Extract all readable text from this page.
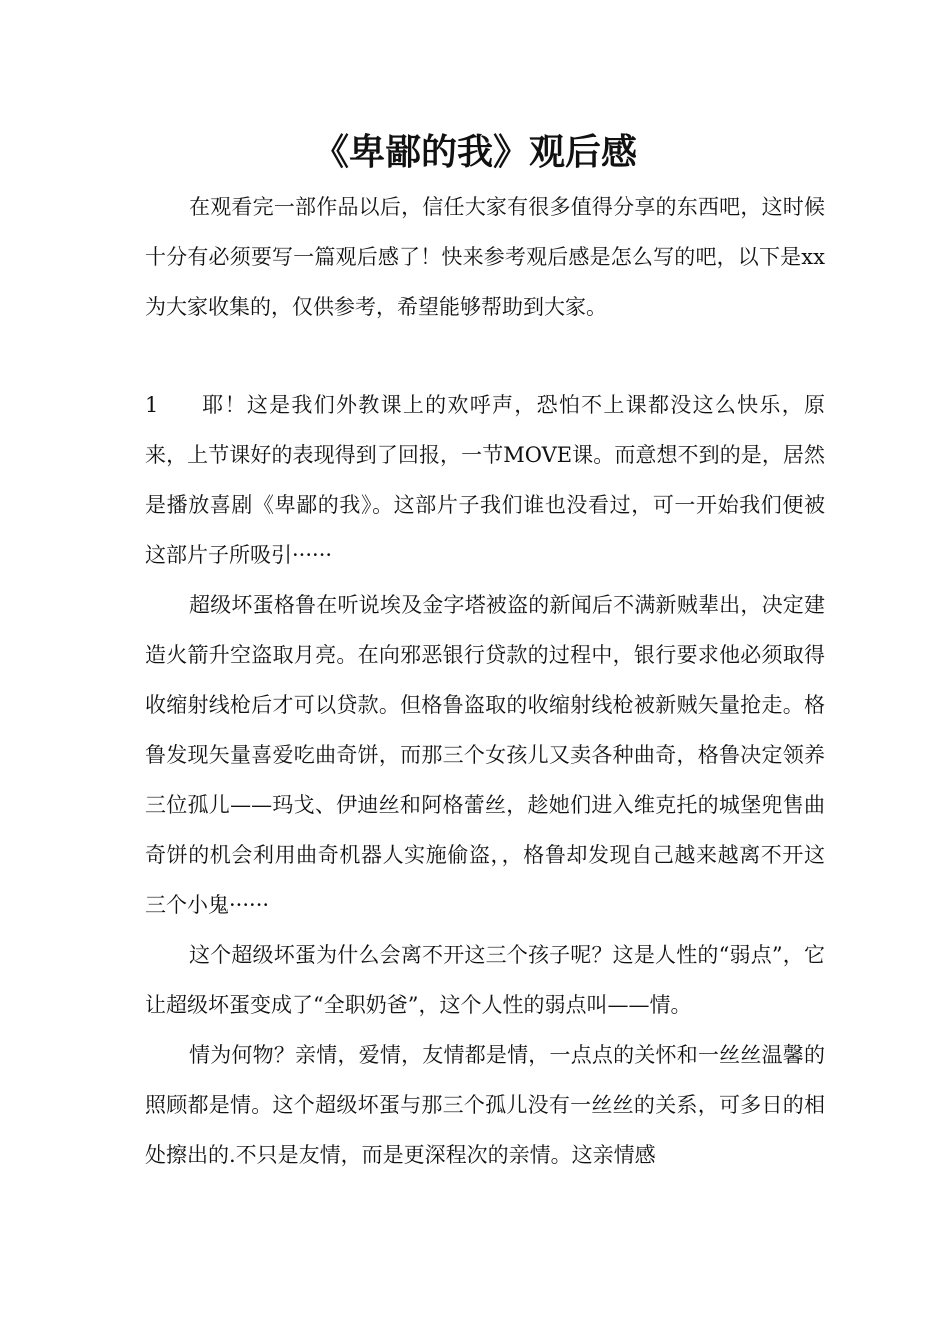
《卑鄙的我》观后感

在观看完一部作品以后，信任大家有很多值得分享的东西吧，这时候十分有必须要写一篇观后感了！快来参考观后感是怎么写的吧，以下是xx为大家收集的，仅供参考，希望能够帮助到大家。

1 耶！这是我们外教课上的欢呼声，恐怕不上课都没这么快乐，原来，上节课好的表现得到了回报，一节MOVE课。而意想不到的是，居然是播放喜剧《卑鄙的我》。这部片子我们谁也没看过，可一开始我们便被这部片子所吸引······

超级坏蛋格鲁在听说埃及金字塔被盗的新闻后不满新贼辈出，决定建造火箭升空盗取月亮。在向邪恶银行贷款的过程中，银行要求他必须取得收缩射线枪后才可以贷款。但格鲁盗取的收缩射线枪被新贼矢量抢走。格鲁发现矢量喜爱吃曲奇饼，而那三个女孩儿又卖各种曲奇，格鲁决定领养三位孤儿——玛戈、伊迪丝和阿格蕾丝，趁她们进入维克托的城堡兜售曲奇饼的机会利用曲奇机器人实施偷盗，，格鲁却发现自己越来越离不开这三个小鬼······

这个超级坏蛋为什么会离不开这三个孩子呢？这是人性的“弱点”，它让超级坏蛋变成了“全职奶爸”，这个人性的弱点叫——情。

情为何物？亲情，爱情，友情都是情，一点点的关怀和一丝丝温馨的照顾都是情。这个超级坏蛋与那三个孤儿没有一丝丝的关系，可多日的相处擦出的.不只是友情，而是更深程次的亲情。这亲情感
